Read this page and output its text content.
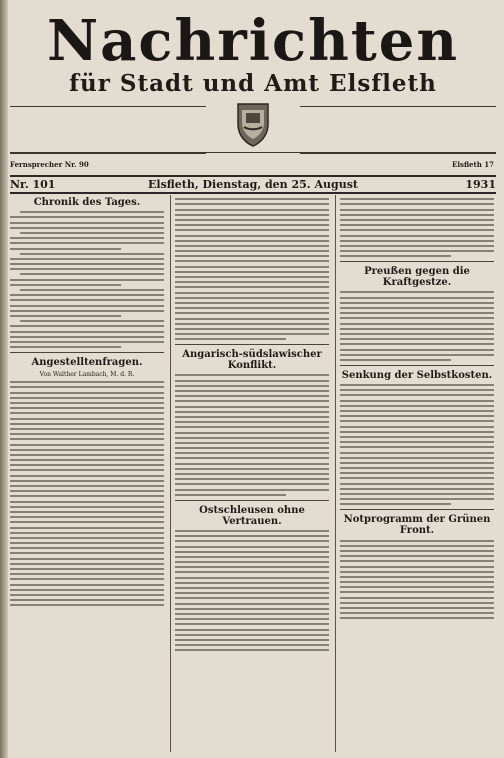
Nachrichten
für Stadt und Amt Elsfleth
Fernsprecher Nr. 90	Elsfleth 17
Nr. 101	Elsfleth, Dienstag, den 25. August	1931
Chronik des Tages.
Angestelltenfragen.
Von Walther Lambach, M. d. R.
Angarisch-südslawischer Konflikt.
Ostschleusen ohne Vertrauen.
Preußen gegen die Kraftgestze.
Senkung der Selbstkosten.
Notprogramm der Grünen Front.
